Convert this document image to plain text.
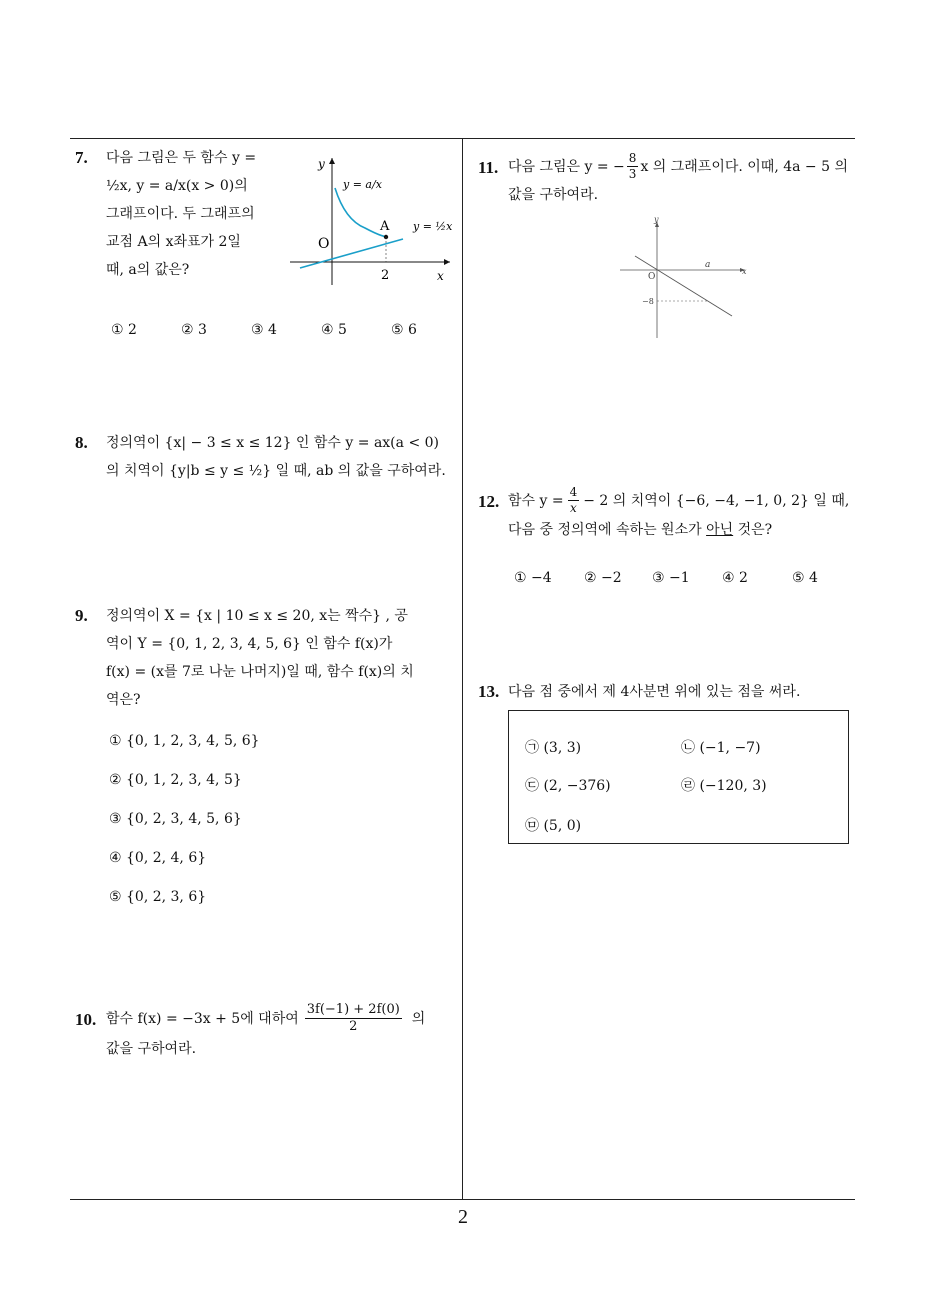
7. 다음 그림은 두 함수 y =
½x, y = a/x(x > 0)의
그래프이다. 두 그래프의
교점 A의 x좌표가 2일
때, a의 값은?
y
x
O
A
2
y = a/x
y = ½x
① 2	② 3	③ 4	④ 5	⑤ 6
8. 정의역이 {x| − 3 ≤ x ≤ 12} 인 함수 y = ax(a < 0)
의 치역이 {y|b ≤ y ≤ ½} 일 때, ab 의 값을 구하여라.
9. 정의역이 X = {x | 10 ≤ x ≤ 20, x는 짝수} , 공
역이 Y = {0, 1, 2, 3, 4, 5, 6} 인 함수 f(x)가
f(x) = (x를 7로 나눈 나머지)일 때, 함수 f(x)의 치
역은?
① {0, 1, 2, 3, 4, 5, 6}
② {0, 1, 2, 3, 4, 5}
③ {0, 2, 3, 4, 5, 6}
④ {0, 2, 4, 6}
⑤ {0, 2, 3, 6}
10. 함수 f(x) = −3x + 5에 대하여 $\frac{3f(-1) + 2f(0)}{2}$ 의
값을 구하여라.
11. 다음 그림은 y = − $\frac{8}{3}$ x 의 그래프이다. 이때, 4a − 5 의
값을 구하여라.
y
x
O
a
−8
12. 함수 $y = \frac{4}{x} - 2$ 의 치역이 {−6, −4, −1, 0, 2} 일 때,
다음 중 정의역에 속하는 원소가 아닌 것은?
① −4 ② −2 ③ −1 ④ 2	⑤ 4
13. 다음 점 중에서 제 4사분면 위에 있는 점을 써라.
㉠ (3, 3)	㉡ (−1, −7)
㉢ (2, −376)	㉣ (−120, 3)
㉤ (5, 0)
2
